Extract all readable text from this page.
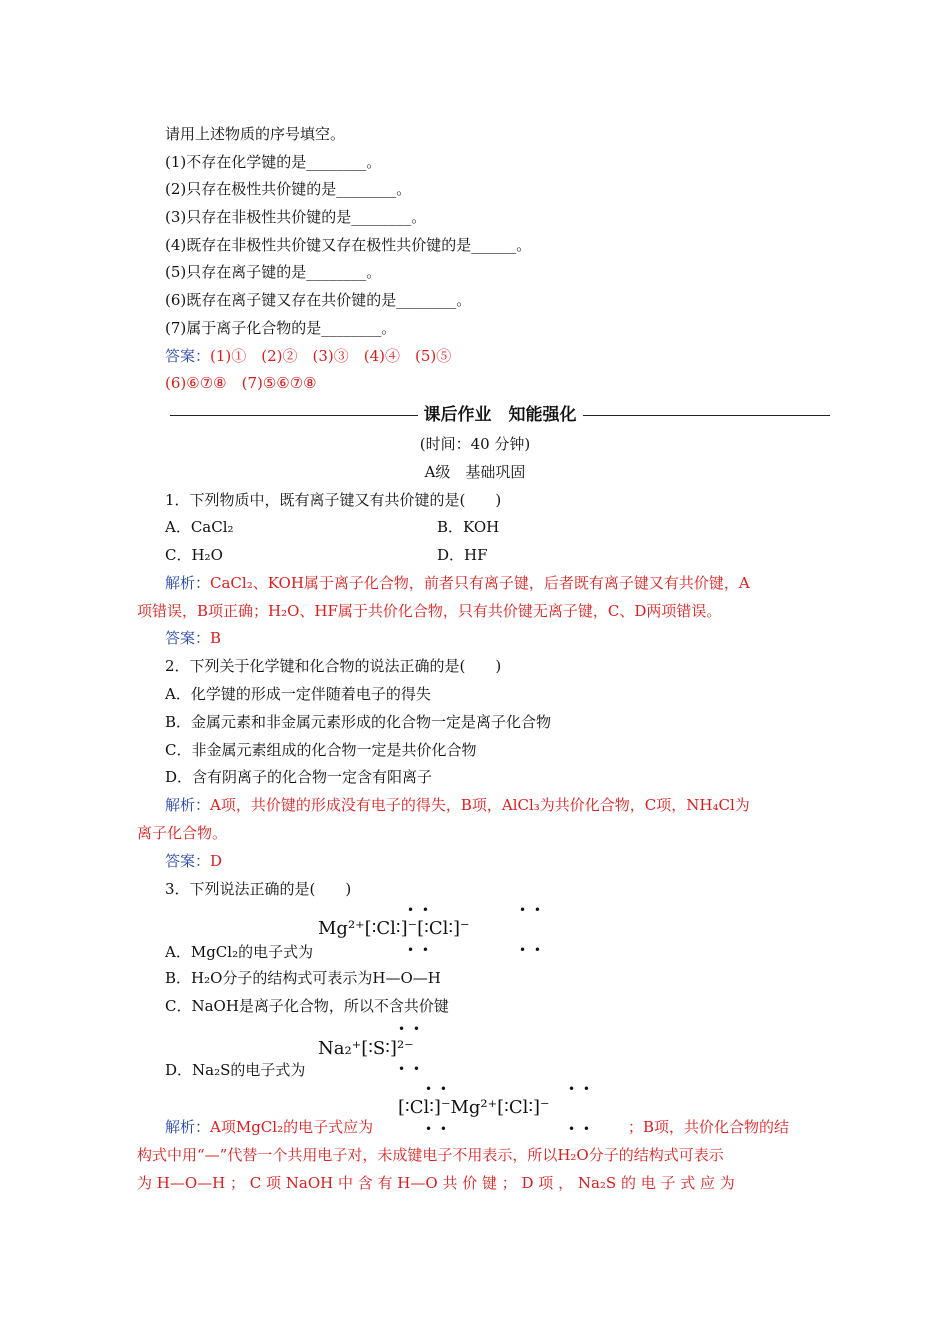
请用上述物质的序号填空。
(1)不存在化学键的是________。
(2)只存在极性共价键的是________。
(3)只存在非极性共价键的是________。
(4)既存在非极性共价键又存在极性共价键的是______。
(5)只存在离子键的是________。
(6)既存在离子键又存在共价键的是________。
(7)属于离子化合物的是________。
答案：(1)①　(2)②　(3)③　(4)④　(5)⑤
(6)⑥⑦⑧　(7)⑤⑥⑦⑧
课后作业　知能强化
(时间：40 分钟)
A级　基础巩固
1．下列物质中，既有离子键又有共价键的是(　　)
A．CaCl₂	B．KOH
C．H₂O	D．HF
解析：CaCl₂、KOH属于离子化合物，前者只有离子键，后者既有离子键又有共价键，A
项错误，B项正确；H₂O、HF属于共价化合物，只有共价键无离子键，C、D两项错误。
答案：B
2．下列关于化学键和化合物的说法正确的是(　　)
A．化学键的形成一定伴随着电子的得失
B．金属元素和非金属元素形成的化合物一定是离子化合物
C．非金属元素组成的化合物一定是共价化合物
D．含有阴离子的化合物一定含有阳离子
解析：A项，共价键的形成没有电子的得失，B项，AlCl₃为共价化合物，C项，NH₄Cl为
离子化合物。
答案：D
3．下列说法正确的是(　　)
Mg²⁺[∶Cl∶]⁻[∶Cl∶]⁻
• •
• •
• •
• •
A．MgCl₂的电子式为
B．H₂O分子的结构式可表示为H—O—H
C．NaOH是离子化合物，所以不含共价键
Na₂⁺[∶S∶]²⁻
• •
• •
D．Na₂S的电子式为
[∶Cl∶]⁻Mg²⁺[∶Cl∶]⁻
• •
• •
• •
• •
解析：A项MgCl₂的电子式应为	；B项，共价化合物的结
构式中用“—”代替一个共用电子对，未成键电子不用表示，所以H₂O分子的结构式可表示
为 H—O—H ； C 项 NaOH 中 含 有 H—O 共 价 键 ； D 项 ， Na₂S 的 电 子 式 应 为
